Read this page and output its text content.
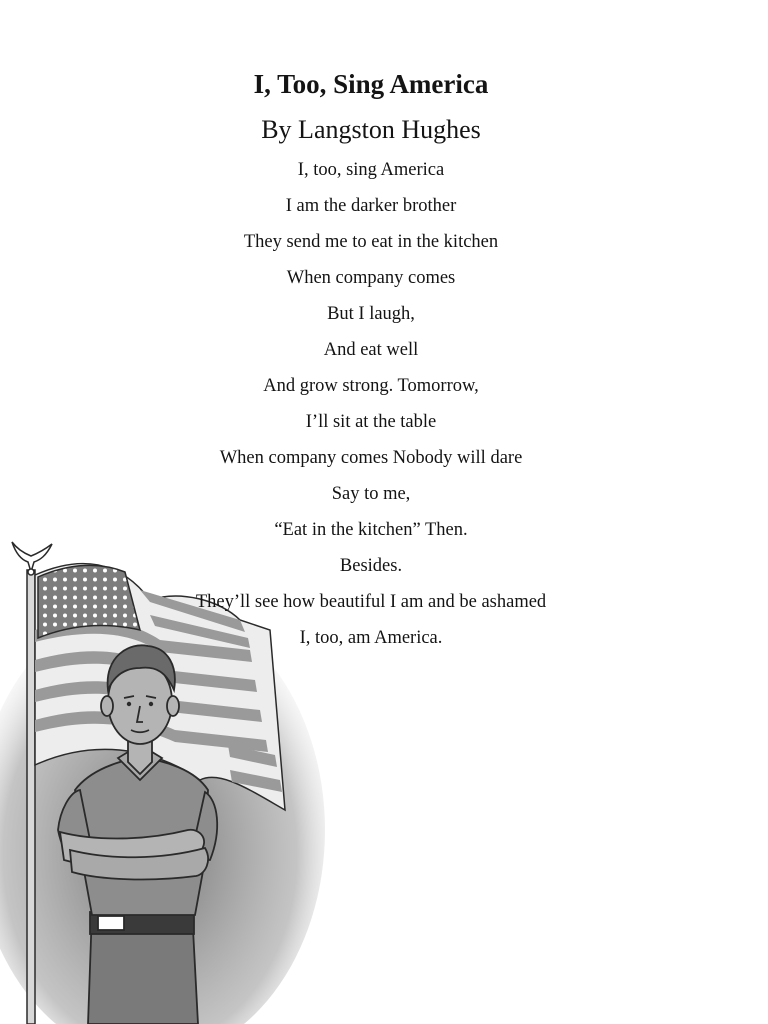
I, Too, Sing America
By Langston Hughes
I, too, sing America
I am the darker brother
They send me to eat in the kitchen
When company comes
But I laugh,
And eat well
And grow strong. Tomorrow,
I’ll sit at the table
When company comes Nobody will dare
Say to me,
“Eat in the kitchen” Then.
Besides.
They’ll see how beautiful I am and be ashamed
I, too, am America.
